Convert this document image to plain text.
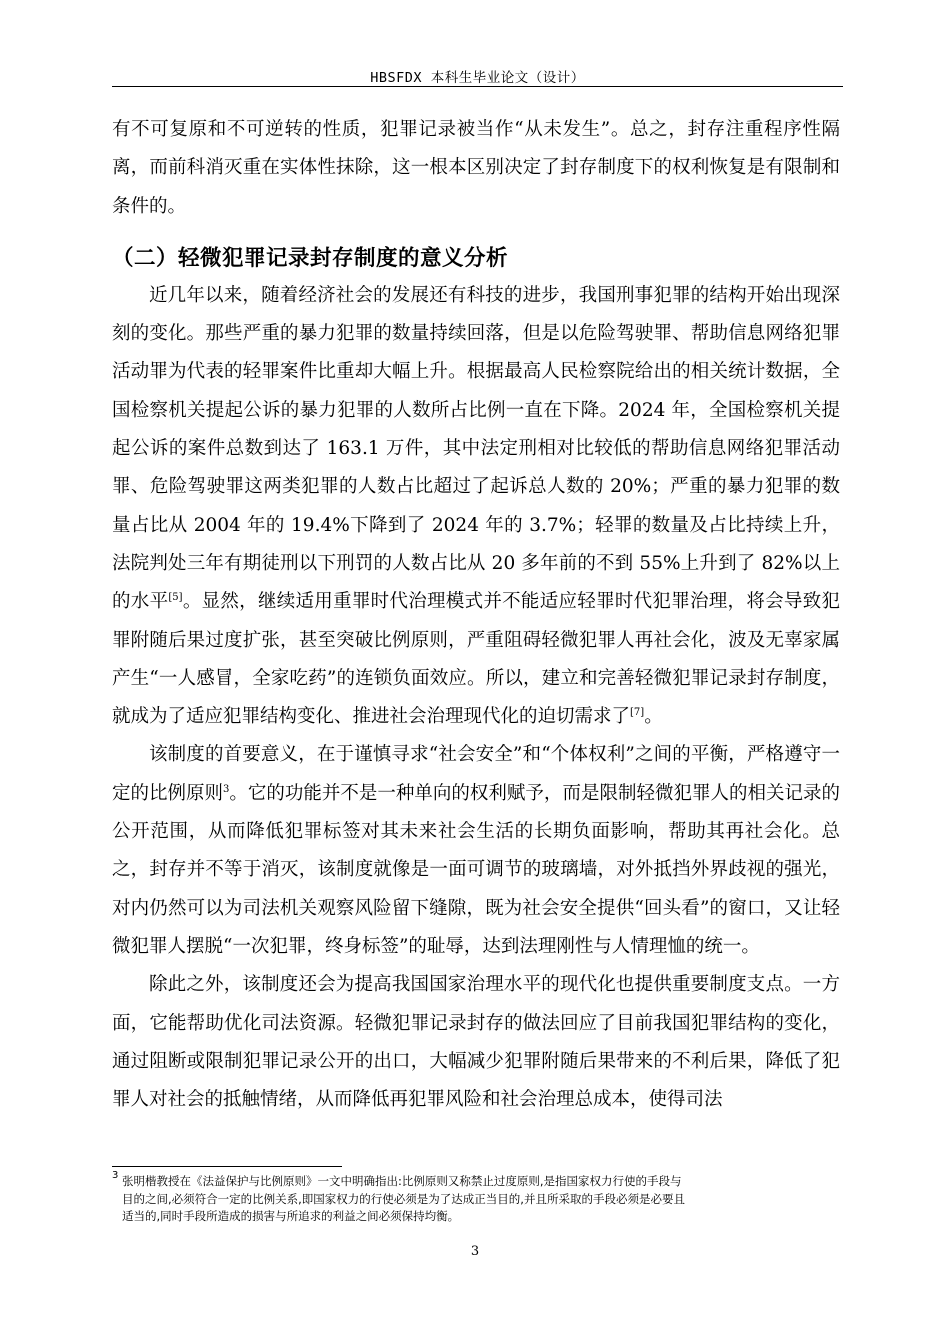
HBSFDX 本科生毕业论文（设计）

有不可复原和不可逆转的性质，犯罪记录被当作“从未发生”。总之，封存注重程序性隔离，而前科消灭重在实体性抹除，这一根本区别决定了封存制度下的权利恢复是有限制和条件的。

（二）轻微犯罪记录封存制度的意义分析

近几年以来，随着经济社会的发展还有科技的进步，我国刑事犯罪的结构开始出现深刻的变化。那些严重的暴力犯罪的数量持续回落，但是以危险驾驶罪、帮助信息网络犯罪活动罪为代表的轻罪案件比重却大幅上升。根据最高人民检察院给出的相关统计数据，全国检察机关提起公诉的暴力犯罪的人数所占比例一直在下降。2024 年，全国检察机关提起公诉的案件总数到达了 163.1 万件，其中法定刑相对比较低的帮助信息网络犯罪活动罪、危险驾驶罪这两类犯罪的人数占比超过了起诉总人数的 20%；严重的暴力犯罪的数量占比从 2004 年的 19.4%下降到了 2024 年的 3.7%；轻罪的数量及占比持续上升，法院判处三年有期徒刑以下刑罚的人数占比从 20 多年前的不到 55%上升到了 82%以上的水平[5]。显然，继续适用重罪时代治理模式并不能适应轻罪时代犯罪治理，将会导致犯罪附随后果过度扩张，甚至突破比例原则，严重阻碍轻微犯罪人再社会化，波及无辜家属产生“一人感冒，全家吃药”的连锁负面效应。所以，建立和完善轻微犯罪记录封存制度，就成为了适应犯罪结构变化、推进社会治理现代化的迫切需求了[7]。

该制度的首要意义，在于谨慎寻求“社会安全”和“个体权利”之间的平衡，严格遵守一定的比例原则$^3$。它的功能并不是一种单向的权利赋予，而是限制轻微犯罪人的相关记录的公开范围，从而降低犯罪标签对其未来社会生活的长期负面影响，帮助其再社会化。总之，封存并不等于消灭，该制度就像是一面可调节的玻璃墙，对外抵挡外界歧视的强光，对内仍然可以为司法机关观察风险留下缝隙，既为社会安全提供“回头看”的窗口，又让轻微犯罪人摆脱“一次犯罪，终身标签”的耻辱，达到法理刚性与人情理恤的统一。

除此之外，该制度还会为提高我国国家治理水平的现代化也提供重要制度支点。一方面，它能帮助优化司法资源。轻微犯罪记录封存的做法回应了目前我国犯罪结构的变化，通过阻断或限制犯罪记录公开的出口，大幅减少犯罪附随后果带来的不利后果，降低了犯罪人对社会的抵触情绪，从而降低再犯罪风险和社会治理总成本，使得司法

$^3$ 张明楷教授在《法益保护与比例原则》一文中明确指出:比例原则又称禁止过度原则,是指国家权力行使的手段与
目的之间,必须符合一定的比例关系,即国家权力的行使必须是为了达成正当目的,并且所采取的手段必须是必要且
适当的,同时手段所造成的损害与所追求的利益之间必须保持均衡。
3
